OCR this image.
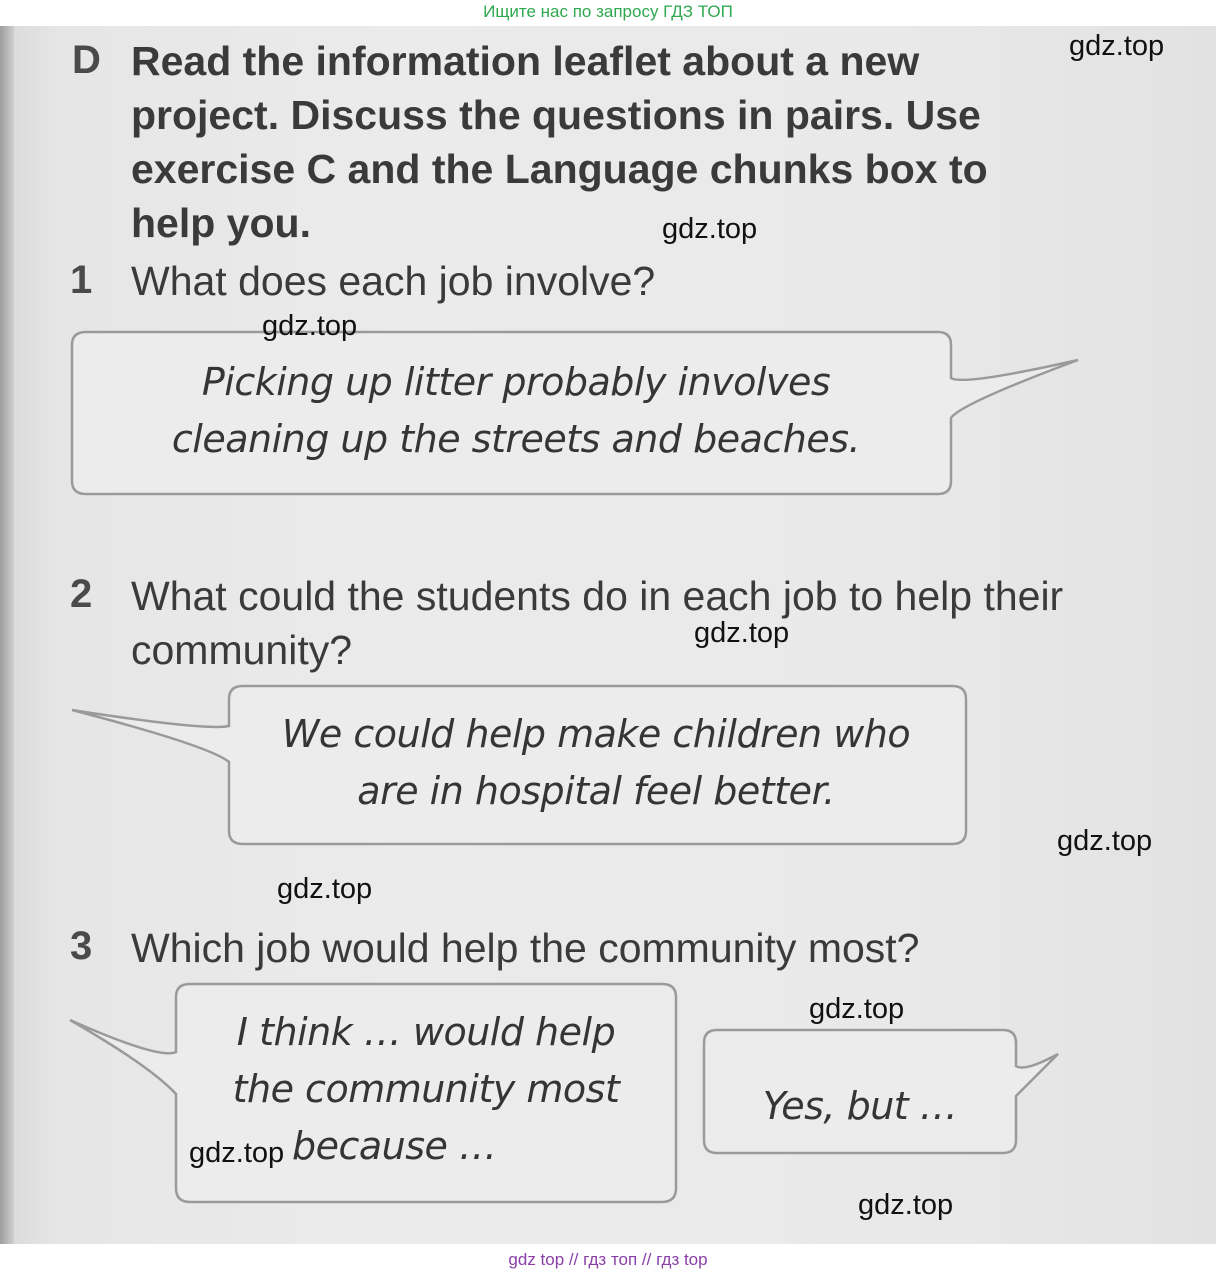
Ищите нас по запросу ГДЗ ТОП
D Read the information leaflet about a new project. Discuss the questions in pairs. Use exercise C and the Language chunks box to help you.
1 What does each job involve?
Picking up litter probably involves
cleaning up the streets and beaches.
2 What could the students do in each job to help their community?
We could help make children who
are in hospital feel better.
3 Which job would help the community most?
I think … would help
the community most
because …
Yes, but …
gdz.top
gdz.top
gdz.top
gdz.top
gdz.top
gdz.top
gdz.top
gdz.top
gdz.top
gdz top // гдз топ // гдз top
